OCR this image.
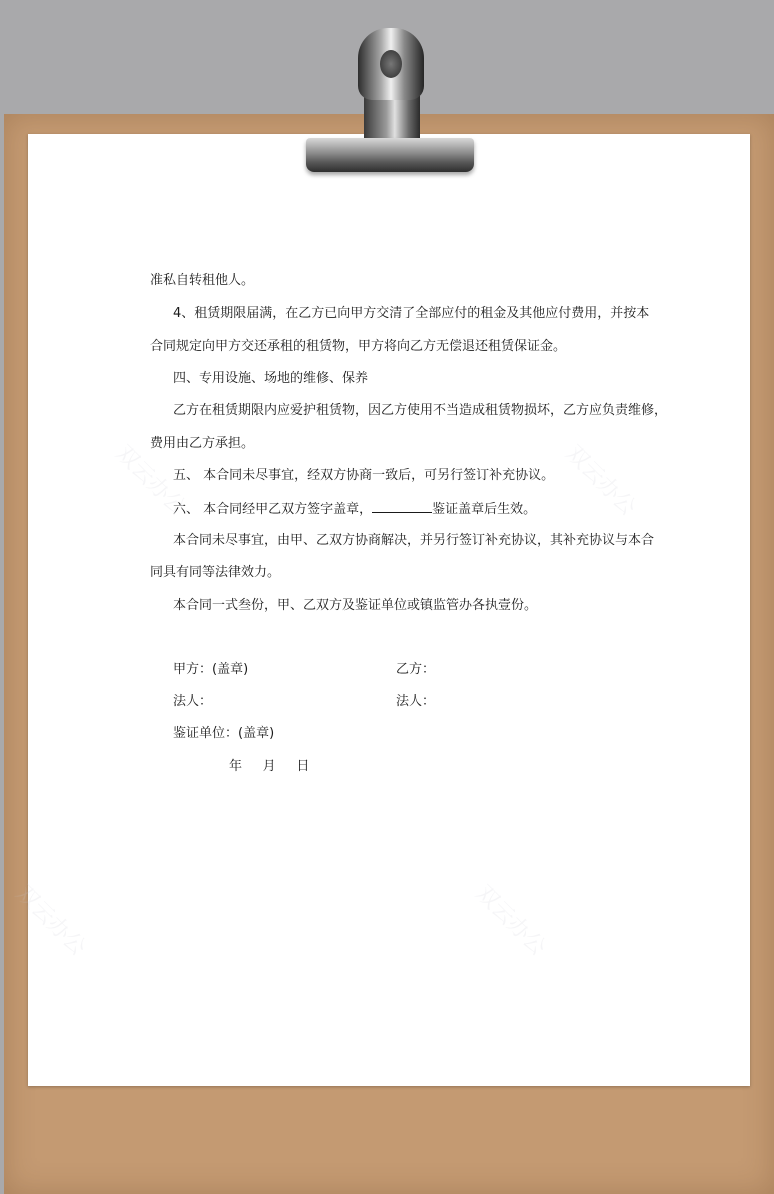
双云办公	双云办公
双云办公	双云办公

准私自转租他人。

4、租赁期限届满，在乙方已向甲方交清了全部应付的租金及其他应付费用，并按本

合同规定向甲方交还承租的租赁物，甲方将向乙方无偿退还租赁保证金。

四、专用设施、场地的维修、保养

乙方在租赁期限内应爱护租赁物，因乙方使用不当造成租赁物损坏，乙方应负责维修，

费用由乙方承担。

五、 本合同未尽事宜，经双方协商一致后，可另行签订补充协议。

六、 本合同经甲乙双方签字盖章，	鉴证盖章后生效。

本合同未尽事宜，由甲、乙双方协商解决，并另行签订补充协议，其补充协议与本合

同具有同等法律效力。

本合同一式叁份，甲、乙双方及鉴证单位或镇监管办各执壹份。

甲方：(盖章)	乙方：

法人：	法人：

鉴证单位：(盖章)

年     月     日
